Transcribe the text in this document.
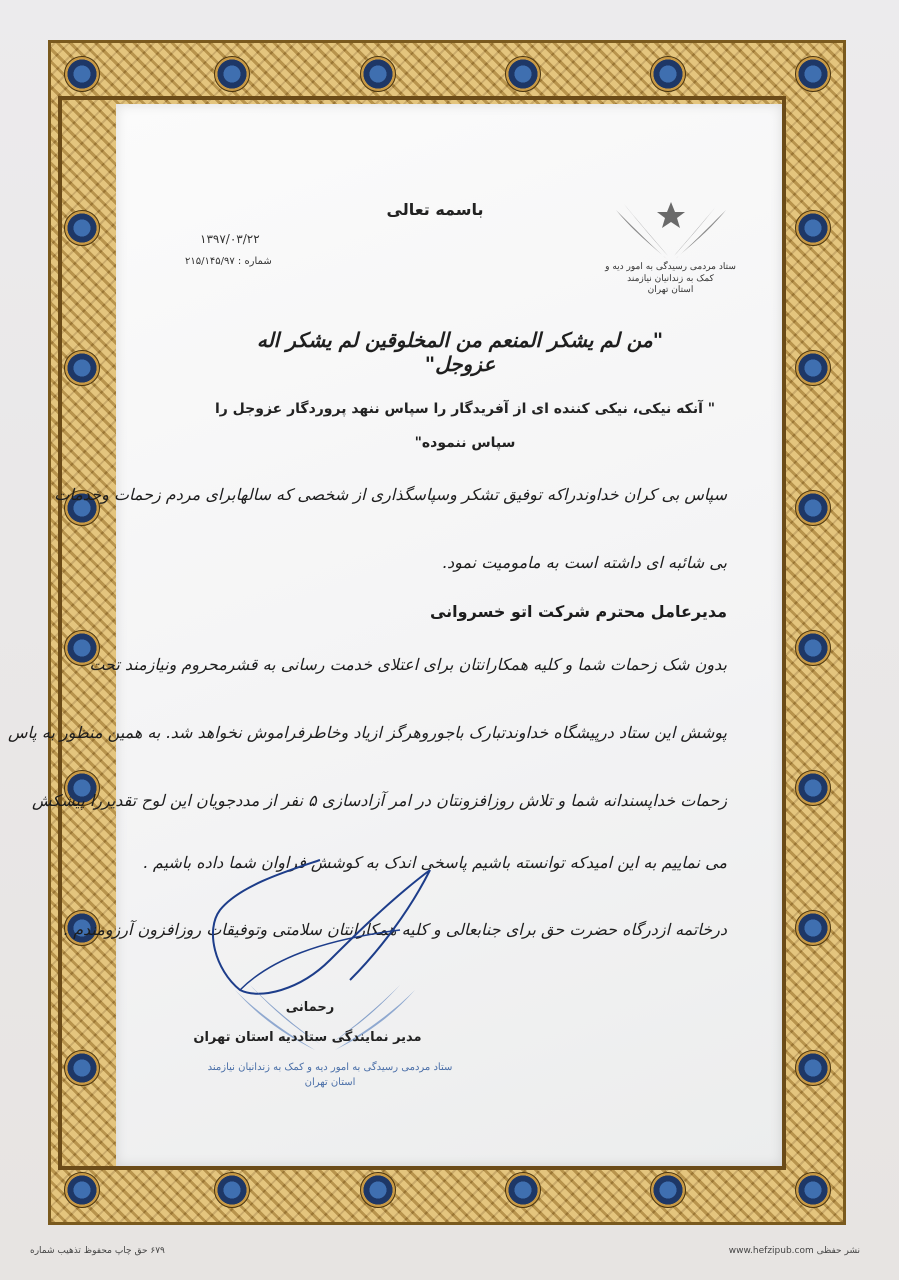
باسمه تعالی
۱۳۹۷/۰۳/۲۲
شماره : ۲۱۵/۱۴۵/۹۷	ستاد مردمی رسیدگی به امور دیه و کمک به زندانیان نیازمند
استان تهران
"من لم یشکر المنعم من المخلوقین لم یشکر اله عزوجل"
" آنکه نیکی، نیکی کننده ای از آفریدگار را سپاس ننهد پروردگار عزوجل را
سپاس ننموده"
سپاس بی کران خداوندراکه توفیق تشکر وسپاسگذاری از شخصی که سالهابرای مردم زحمات وخدمات
بی شائبه ای داشته است به مامومیت نمود.
مدیرعامل محترم شرکت اتو خسروانی
بدون شک زحمات شما و کلیه همکارانتان برای اعتلای خدمت رسانی به قشرمحروم ونیازمند تحت
پوشش این ستاد درپیشگاه خداوندتبارک باجوروهرگز ازیاد وخاطرفراموش نخواهد شد. به همین منظور به پاس
زحمات خداپسندانه شما و تلاش روزافزونتان در امر آزادسازی ۵ نفر از مددجویان این لوح تقدیررا پیشکش
می نماییم به این امیدکه توانسته باشیم پاسخی اندک به کوشش فراوان شما داده باشیم .
درخاتمه ازدرگاه حضرت حق برای جنابعالی و کلیه همکارانتان سلامتی وتوفیقات روزافزون آرزومندم .
رحمانی
مدیر نمایندگی ستاددیه استان تهران
ستاد مردمی رسیدگی به امور دیه و کمک به زندانیان نیازمند
استان تهران
۶۷۹ حق چاپ محفوظ تذهیب شماره	www.hefzipub.com نشر حفظی
